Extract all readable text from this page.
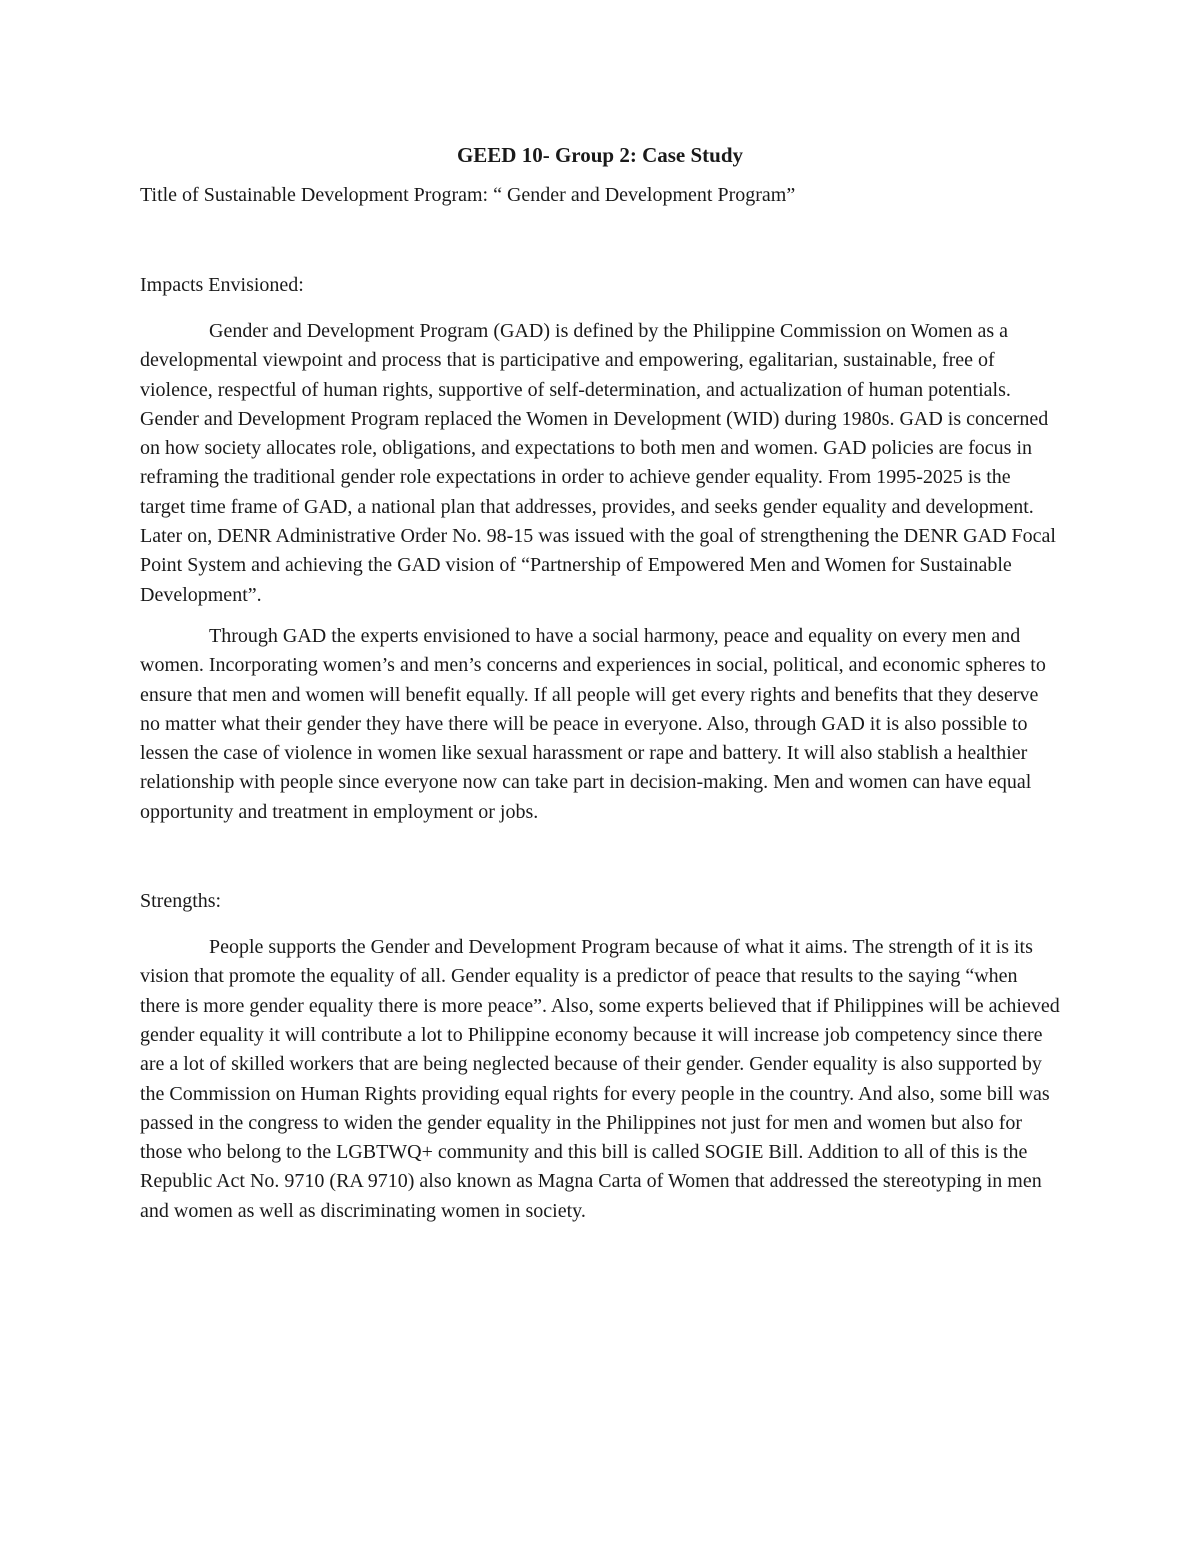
GEED 10- Group 2: Case Study

Title of Sustainable Development Program: “ Gender and Development Program”

Impacts Envisioned:

Gender and Development Program (GAD) is defined by the Philippine Commission on Women as a developmental viewpoint and process that is participative and empowering, egalitarian, sustainable, free of violence, respectful of human rights, supportive of self-determination, and actualization of human potentials. Gender and Development Program replaced the Women in Development (WID) during 1980s. GAD is concerned on how society allocates role, obligations, and expectations to both men and women. GAD policies are focus in reframing the traditional gender role expectations in order to achieve gender equality. From 1995-2025 is the target time frame of GAD, a national plan that addresses, provides, and seeks gender equality and development. Later on, DENR Administrative Order No. 98-15 was issued with the goal of strengthening the DENR GAD Focal Point System and achieving the GAD vision of “Partnership of Empowered Men and Women for Sustainable Development”.

Through GAD the experts envisioned to have a social harmony, peace and equality on every men and women. Incorporating women’s and men’s concerns and experiences in social, political, and economic spheres to ensure that men and women will benefit equally. If all people will get every rights and benefits that they deserve no matter what their gender they have there will be peace in everyone. Also, through GAD it is also possible to lessen the case of violence in women like sexual harassment or rape and battery. It will also stablish a healthier relationship with people since everyone now can take part in decision-making. Men and women can have equal opportunity and treatment in employment or jobs.

Strengths:

People supports the Gender and Development Program because of what it aims. The strength of it is its vision that promote the equality of all. Gender equality is a predictor of peace that results to the saying “when there is more gender equality there is more peace”. Also, some experts believed that if Philippines will be achieved gender equality it will contribute a lot to Philippine economy because it will increase job competency since there are a lot of skilled workers that are being neglected because of their gender. Gender equality is also supported by the Commission on Human Rights providing equal rights for every people in the country. And also, some bill was passed in the congress to widen the gender equality in the Philippines not just for men and women but also for those who belong to the LGBTWQ+ community and this bill is called SOGIE Bill. Addition to all of this is the Republic Act No. 9710 (RA 9710) also known as Magna Carta of Women that addressed the stereotyping in men and women as well as discriminating women in society.
